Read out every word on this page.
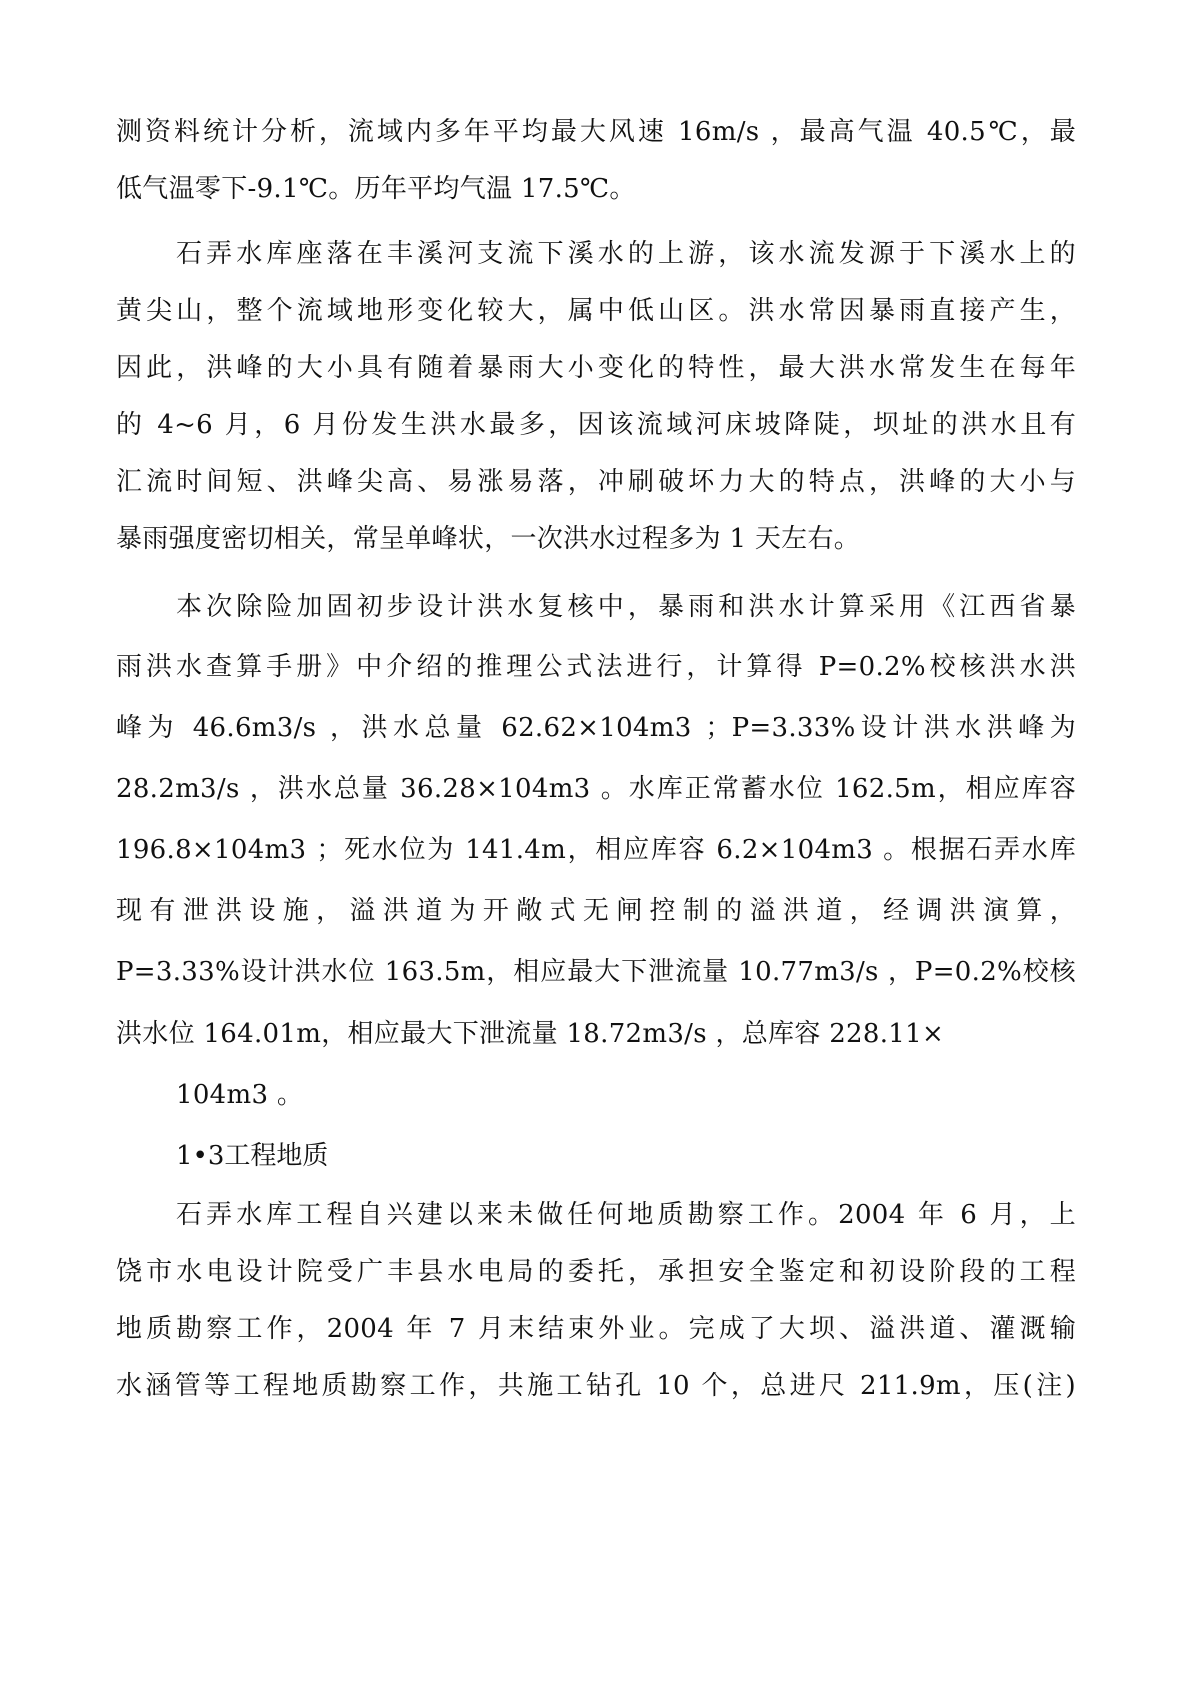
测资料统计分析，流域内多年平均最大风速 16m/s ，最高气温 40.5℃，最
低气温零下-9.1℃。历年平均气温 17.5℃。
石弄水库座落在丰溪河支流下溪水的上游，该水流发源于下溪水上的
黄尖山，整个流域地形变化较大，属中低山区。洪水常因暴雨直接产生，
因此，洪峰的大小具有随着暴雨大小变化的特性，最大洪水常发生在每年
的 4~6 月，6 月份发生洪水最多，因该流域河床坡降陡，坝址的洪水且有
汇流时间短、洪峰尖高、易涨易落，冲刷破坏力大的特点，洪峰的大小与
暴雨强度密切相关，常呈单峰状，一次洪水过程多为 1 天左右。
本次除险加固初步设计洪水复核中，暴雨和洪水计算采用《江西省暴
雨洪水查算手册》中介绍的推理公式法进行，计算得 P=0.2%校核洪水洪
峰为 46.6m3/s ，洪水总量 62.62×104m3 ；P=3.33%设计洪水洪峰为
28.2m3/s ，洪水总量 36.28×104m3 。水库正常蓄水位 162.5m，相应库容
196.8×104m3 ；死水位为 141.4m，相应库容 6.2×104m3 。根据石弄水库
现有泄洪设施，溢洪道为开敞式无闸控制的溢洪道，经调洪演算，
P=3.33%设计洪水位 163.5m，相应最大下泄流量 10.77m3/s ，P=0.2%校核
洪水位 164.01m，相应最大下泄流量 18.72m3/s ，总库容 228.11×
104m3 。
1•3工程地质
石弄水库工程自兴建以来未做任何地质勘察工作。2004 年 6 月，上
饶市水电设计院受广丰县水电局的委托，承担安全鉴定和初设阶段的工程
地质勘察工作，2004 年 7 月末结束外业。完成了大坝、溢洪道、灌溉输
水涵管等工程地质勘察工作，共施工钻孔 10 个，总进尺 211.9m，压(注)
